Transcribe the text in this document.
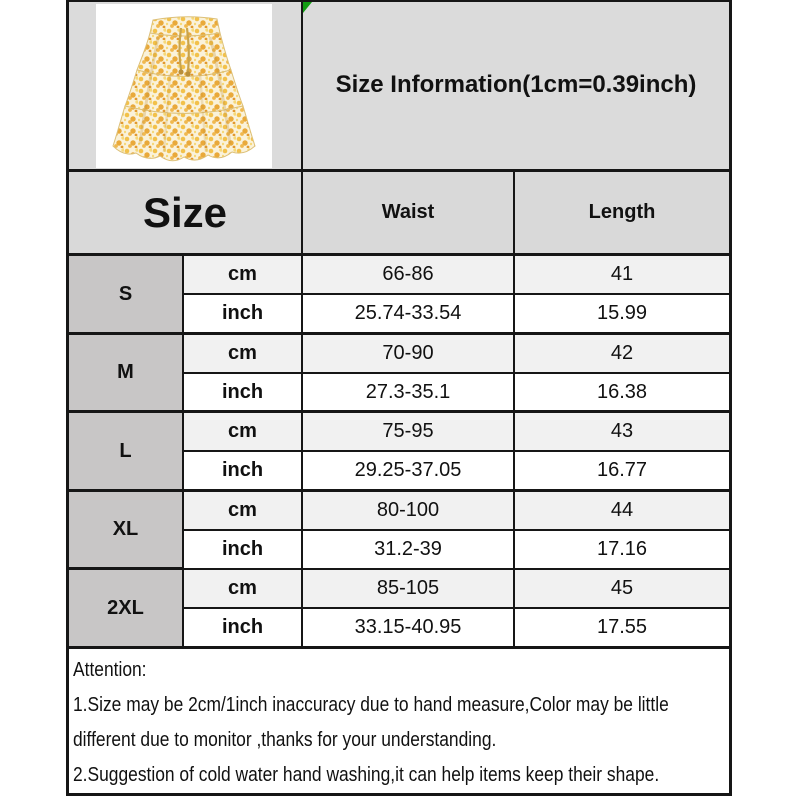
Size Information(1cm=0.39inch)
Size	Waist	Length
S
cm	66-86	41
inch	25.74-33.54	15.99
M
cm	70-90	42
inch	27.3-35.1	16.38
L
cm	75-95	43
inch	29.25-37.05	16.77
XL
cm	80-100	44
inch	31.2-39	17.16
2XL
cm	85-105	45
inch	33.15-40.95	17.55
Attention:
1.Size may be 2cm/1inch inaccuracy due to hand measure,Color may be little
different due to monitor ,thanks for your understanding.
2.Suggestion of cold water hand washing,it can help items keep their shape.
